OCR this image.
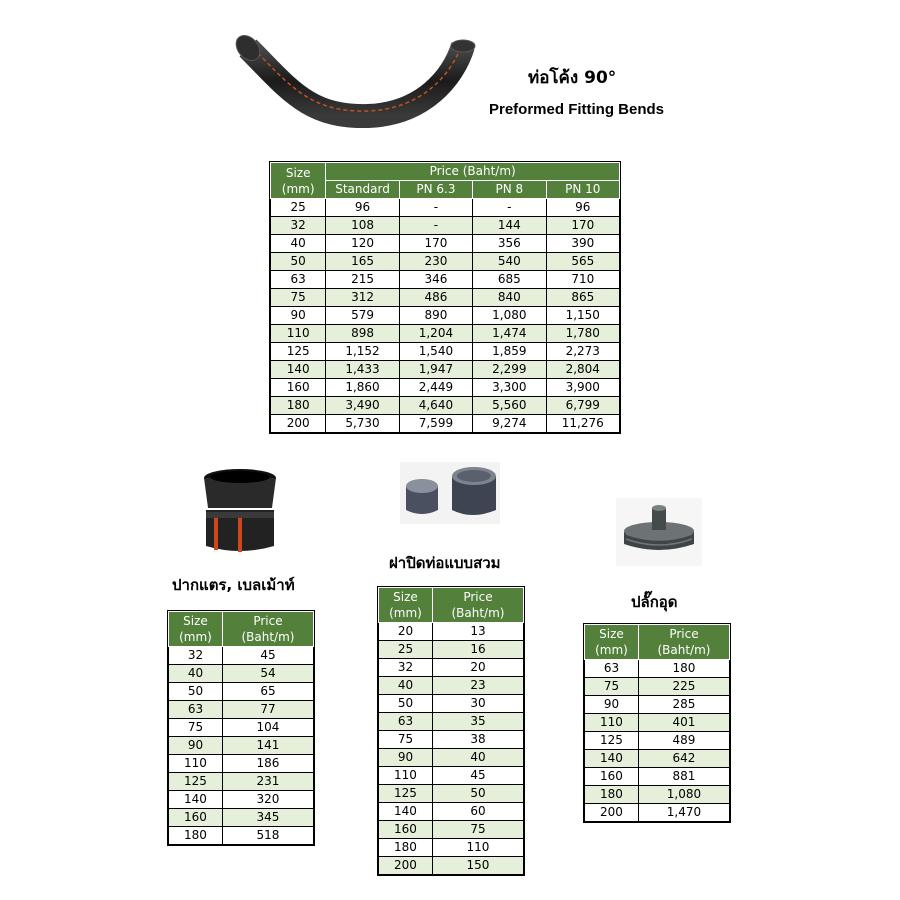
ท่อโค้ง 90°
Preformed Fitting Bends
Size
(mm)	Price (Baht/m)			
	Standard	PN 6.3	PN 8	PN 10
25	96	-	-	96
32	108	-	144	170
40	120	170	356	390
50	165	230	540	565
63	215	346	685	710
75	312	486	840	865
90	579	890	1,080	1,150
110	898	1,204	1,474	1,780
125	1,152	1,540	1,859	2,273
140	1,433	1,947	2,299	2,804
160	1,860	2,449	3,300	3,900
180	3,490	4,640	5,560	6,799
200	5,730	7,599	9,274	11,276
ปากแตร, เบลเม้าท์
Size
(mm)	Price
(Baht/m)
32	45
40	54
50	65
63	77
75	104
90	141
110	186
125	231
140	320
160	345
180	518
ฝาปิดท่อแบบสวม
Size
(mm)	Price
(Baht/m)
20	13
25	16
32	20
40	23
50	30
63	35
75	38
90	40
110	45
125	50
140	60
160	75
180	110
200	150
ปลั๊กอุด
Size
(mm)	Price
(Baht/m)
63	180
75	225
90	285
110	401
125	489
140	642
160	881
180	1,080
200	1,470
